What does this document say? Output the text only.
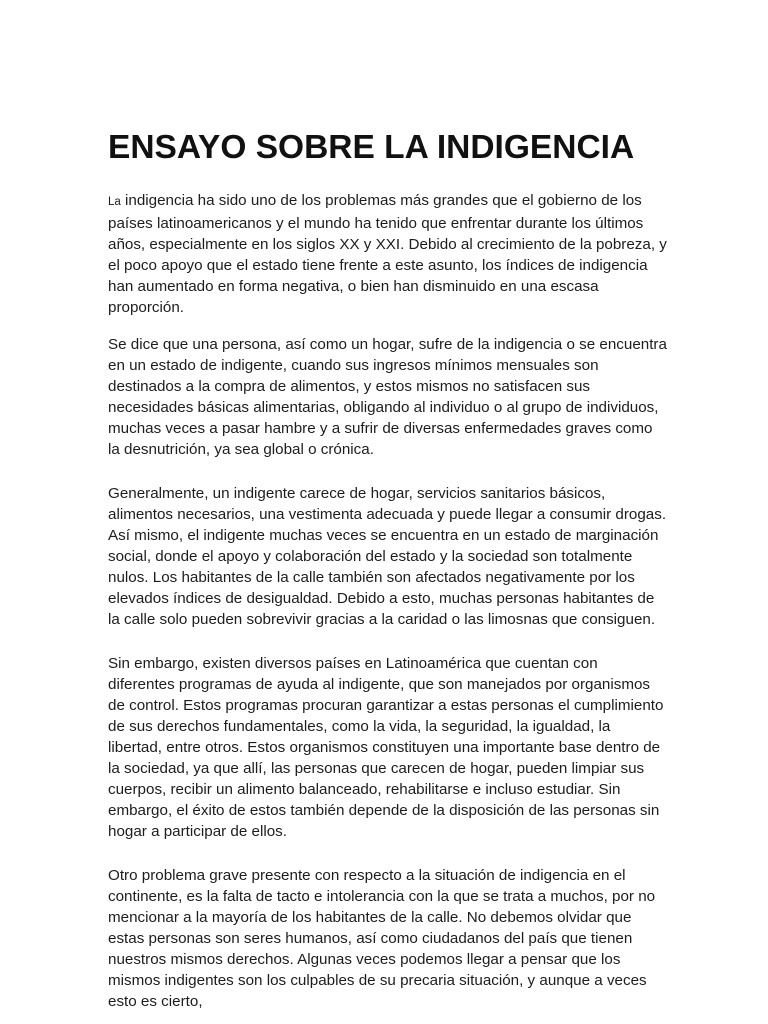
ENSAYO SOBRE LA INDIGENCIA

La indigencia ha sido uno de los problemas más grandes que el gobierno de los países latinoamericanos y el mundo ha tenido que enfrentar durante los últimos años, especialmente en los siglos XX y XXI. Debido al crecimiento de la pobreza, y el poco apoyo que el estado tiene frente a este asunto, los índices de indigencia han aumentado en forma negativa, o bien han disminuido en una escasa proporción.

Se dice que una persona, así como un hogar, sufre de la indigencia o se encuentra en un estado de indigente, cuando sus ingresos mínimos mensuales son destinados a la compra de alimentos, y estos mismos no satisfacen sus necesidades básicas alimentarias, obligando al individuo o al grupo de individuos, muchas veces a pasar hambre y a sufrir de diversas enfermedades graves como la desnutrición, ya sea global o crónica.

Generalmente, un indigente carece de hogar, servicios sanitarios básicos, alimentos necesarios, una vestimenta adecuada y puede llegar a consumir drogas. Así mismo, el indigente muchas veces se encuentra en un estado de marginación social, donde el apoyo y colaboración del estado y la sociedad son totalmente nulos. Los habitantes de la calle también son afectados negativamente por los elevados índices de desigualdad. Debido a esto, muchas personas habitantes de la calle solo pueden sobrevivir gracias a la caridad o las limosnas que consiguen.

Sin embargo, existen diversos países en Latinoamérica que cuentan con diferentes programas de ayuda al indigente, que son manejados por organismos de control. Estos programas procuran garantizar a estas personas el cumplimiento de sus derechos fundamentales, como la vida, la seguridad, la igualdad, la libertad, entre otros. Estos organismos constituyen una importante base dentro de la sociedad, ya que allí, las personas que carecen de hogar, pueden limpiar sus cuerpos, recibir un alimento balanceado, rehabilitarse e incluso estudiar. Sin embargo, el éxito de estos también depende de la disposición de las personas sin hogar a participar de ellos.

Otro problema grave presente con respecto a la situación de indigencia en el continente, es la falta de tacto e intolerancia con la que se trata a muchos, por no mencionar a la mayoría de los habitantes de la calle. No debemos olvidar que estas personas son seres humanos, así como ciudadanos del país que tienen nuestros mismos derechos. Algunas veces podemos llegar a pensar que los mismos indigentes son los culpables de su precaria situación, y aunque a veces esto es cierto,
